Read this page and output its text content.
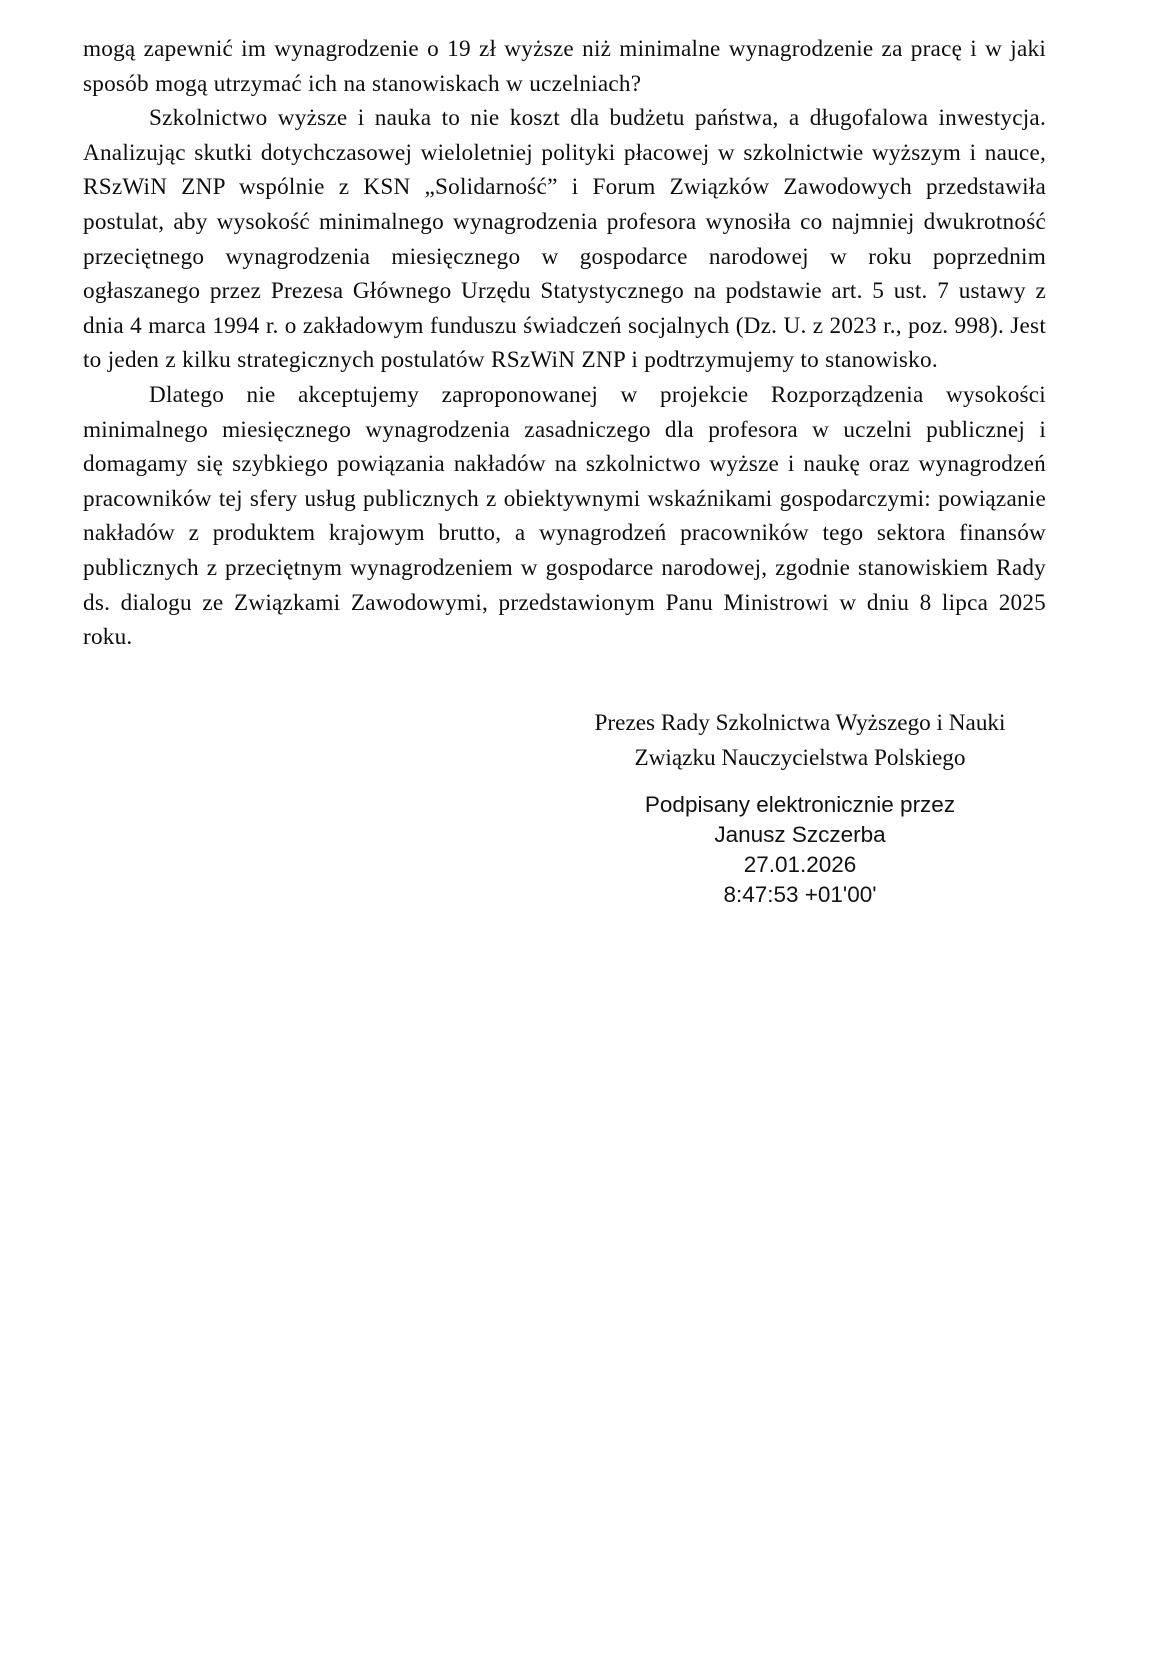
mogą zapewnić im wynagrodzenie o 19 zł wyższe niż minimalne wynagrodzenie za pracę i w jaki sposób mogą utrzymać ich na stanowiskach w uczelniach?

Szkolnictwo wyższe i nauka to nie koszt dla budżetu państwa, a długofalowa inwestycja. Analizując skutki dotychczasowej wieloletniej polityki płacowej w szkolnictwie wyższym i nauce, RSzWiN ZNP wspólnie z KSN „Solidarność” i Forum Związków Zawodowych przedstawiła postulat, aby wysokość minimalnego wynagrodzenia profesora wynosiła co najmniej dwukrotność przeciętnego wynagrodzenia miesięcznego w gospodarce narodowej w roku poprzednim ogłaszanego przez Prezesa Głównego Urzędu Statystycznego na podstawie art. 5 ust. 7 ustawy z dnia 4 marca 1994 r. o zakładowym funduszu świadczeń socjalnych (Dz. U. z 2023 r., poz. 998). Jest to jeden z kilku strategicznych postulatów RSzWiN ZNP i podtrzymujemy to stanowisko.

Dlatego nie akceptujemy zaproponowanej w projekcie Rozporządzenia wysokości minimalnego miesięcznego wynagrodzenia zasadniczego dla profesora w uczelni publicznej i domagamy się szybkiego powiązania nakładów na szkolnictwo wyższe i naukę oraz wynagrodzeń pracowników tej sfery usług publicznych z obiektywnymi wskaźnikami gospodarczymi: powiązanie nakładów z produktem krajowym brutto, a wynagrodzeń pracowników tego sektora finansów publicznych z przeciętnym wynagrodzeniem w gospodarce narodowej, zgodnie stanowiskiem Rady ds. dialogu ze Związkami Zawodowymi, przedstawionym Panu Ministrowi w dniu 8 lipca 2025 roku.

Prezes Rady Szkolnictwa Wyższego i Nauki
Związku Nauczycielstwa Polskiego
Podpisany elektronicznie przez
Janusz Szczerba
27.01.2026
8:47:53 +01'00'
